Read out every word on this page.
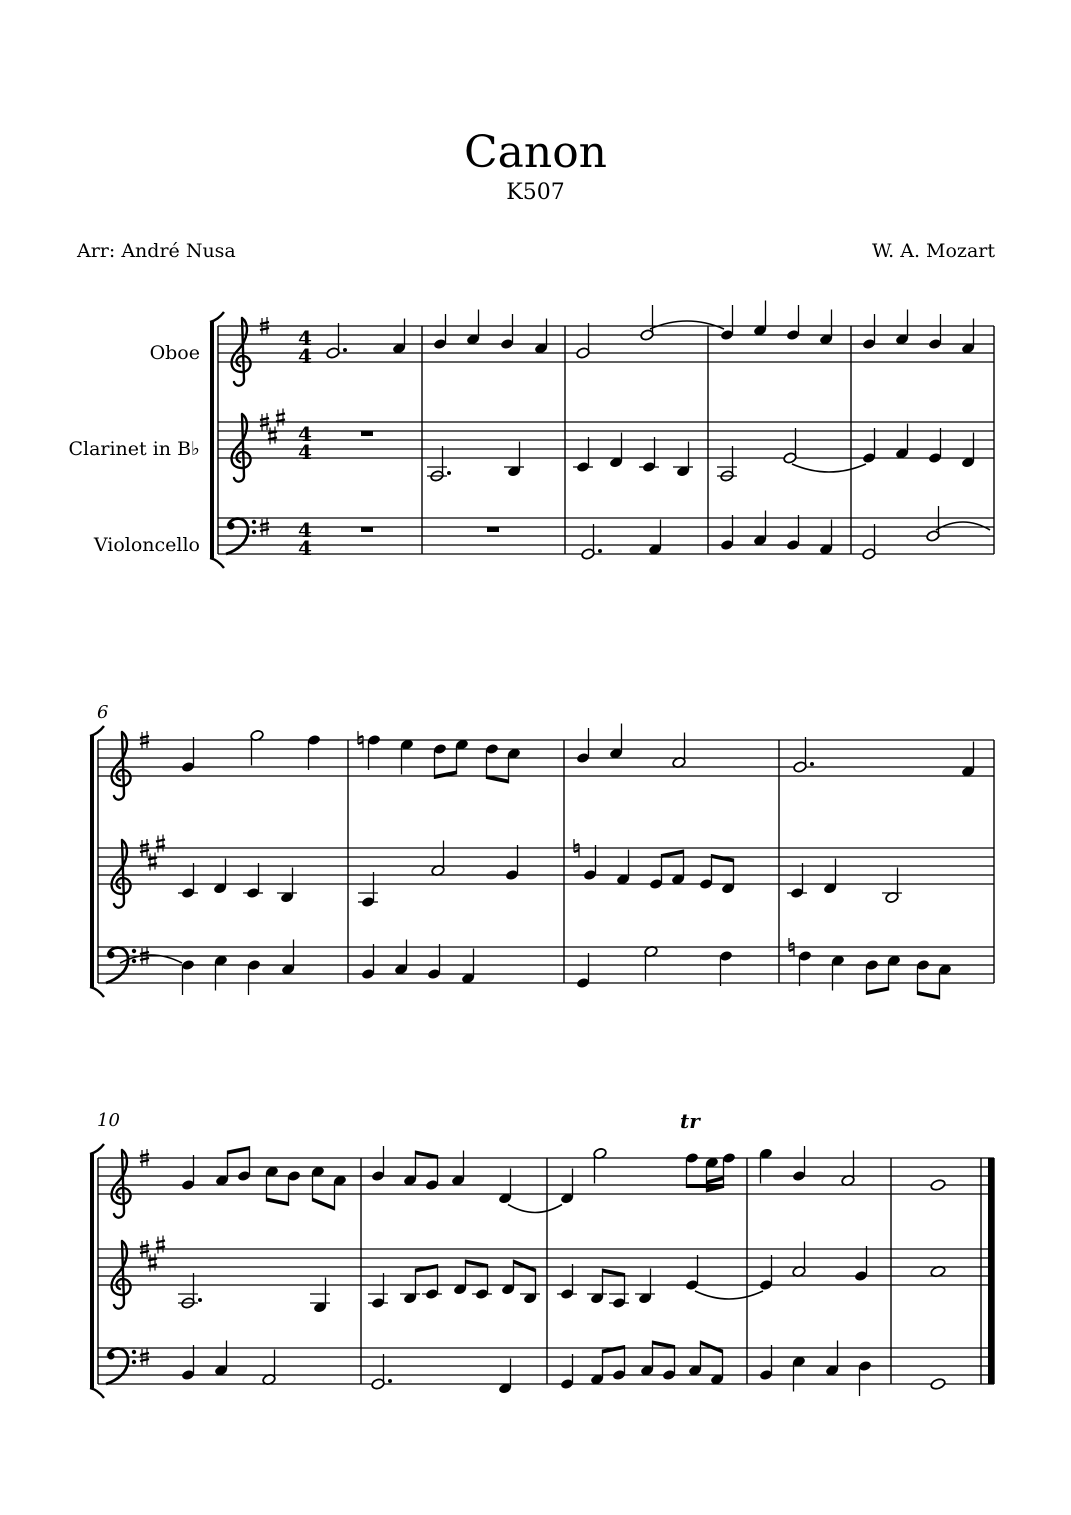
Canon
K507
Arr: André Nusa	W. A. Mozart
Oboe
Clarinet in B♭
Violoncello
4
4
4
4
4
4
6
10	tr
